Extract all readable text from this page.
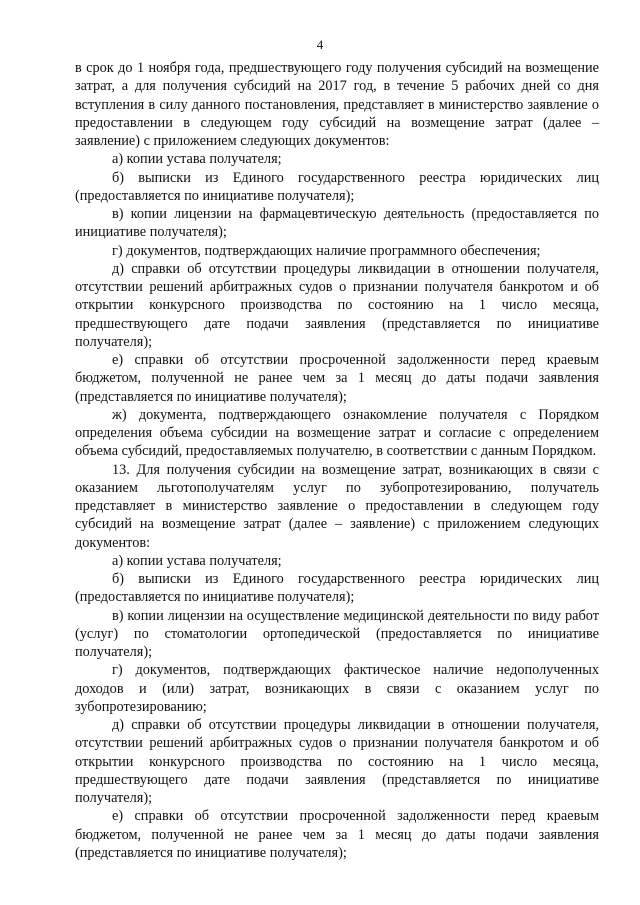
4

в срок до 1 ноября года, предшествующего году получения субсидий на возмещение затрат, а для получения субсидий на 2017 год, в течение 5 рабочих дней со дня вступления в силу данного постановления, представляет в министерство заявление о предоставлении в следующем году субсидий на возмещение затрат (далее – заявление) с приложением следующих документов:

а) копии устава получателя;

б) выписки из Единого государственного реестра юридических лиц (предоставляется по инициативе получателя);

в) копии лицензии на фармацевтическую деятельность (предоставляется по инициативе получателя);

г) документов, подтверждающих наличие программного обеспечения;

д) справки об отсутствии процедуры ликвидации в отношении получателя, отсутствии решений арбитражных судов о признании получателя банкротом и об открытии конкурсного производства по состоянию на 1 число месяца, предшествующего дате подачи заявления (представляется по инициативе получателя);

е) справки об отсутствии просроченной задолженности перед краевым бюджетом, полученной не ранее чем за 1 месяц до даты подачи заявления (представляется по инициативе получателя);

ж) документа, подтверждающего ознакомление получателя с Порядком определения объема субсидии на возмещение затрат и согласие с определением объема субсидий, предоставляемых получателю, в соответствии с данным Порядком.

13. Для получения субсидии на возмещение затрат, возникающих в связи с оказанием льготополучателям услуг по зубопротезированию, получатель представляет в министерство заявление о предоставлении в следующем году субсидий на возмещение затрат (далее – заявление) с приложением следующих документов:

а) копии устава получателя;

б) выписки из Единого государственного реестра юридических лиц (предоставляется по инициативе получателя);

в) копии лицензии на осуществление медицинской деятельности по виду работ (услуг) по стоматологии ортопедической (предоставляется по инициативе получателя);

г) документов, подтверждающих фактическое наличие недополученных доходов и (или) затрат, возникающих в связи с оказанием услуг по зубопротезированию;

д) справки об отсутствии процедуры ликвидации в отношении получателя, отсутствии решений арбитражных судов о признании получателя банкротом и об открытии конкурсного производства по состоянию на 1 число месяца, предшествующего дате подачи заявления (представляется по инициативе получателя);

е) справки об отсутствии просроченной задолженности перед краевым бюджетом, полученной не ранее чем за 1 месяц до даты подачи заявления (представляется по инициативе получателя);
